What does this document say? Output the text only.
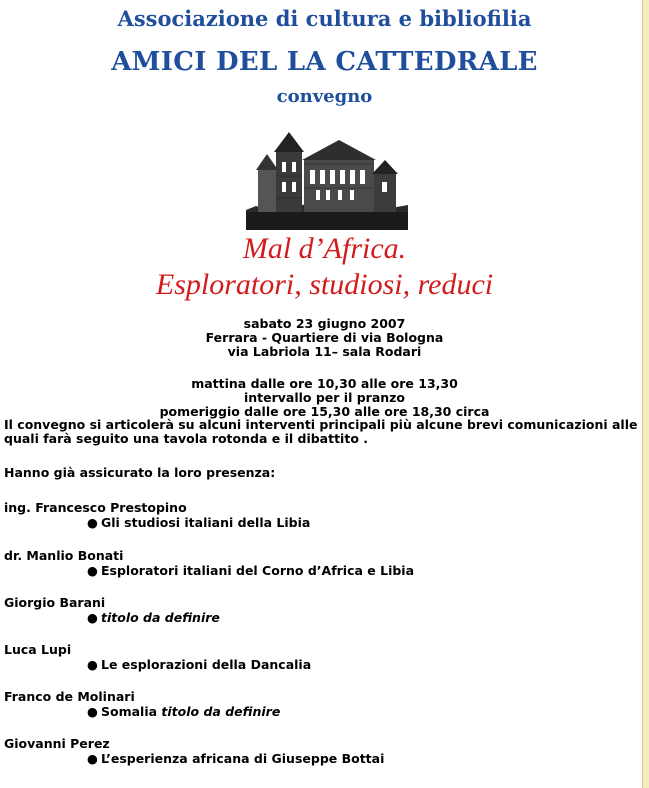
Associazione di cultura e bibliofilia
AMICI DEL LA CATTEDRALE
convegno
Mal d’Africa.
Esploratori, studiosi, reduci
sabato 23 giugno 2007
Ferrara - Quartiere di via Bologna
via Labriola 11– sala Rodari
mattina dalle ore 10,30 alle ore 13,30
intervallo per il pranzo
pomeriggio dalle ore 15,30 alle ore 18,30 circa
Il convegno si articolerà su alcuni interventi principali più alcune brevi comunicazioni alle quali farà seguito una tavola rotonda e il dibattito .
Hanno già assicurato la loro presenza:
ing. Francesco Prestopino
● Gli studiosi italiani della Libia
dr. Manlio Bonati
● Esploratori italiani del Corno d’Africa e Libia
Giorgio Barani
● titolo da definire
Luca Lupi
● Le esplorazioni della Dancalia
Franco de Molinari
● Somalia titolo da definire
Giovanni Perez
● L’esperienza africana di Giuseppe Bottai
